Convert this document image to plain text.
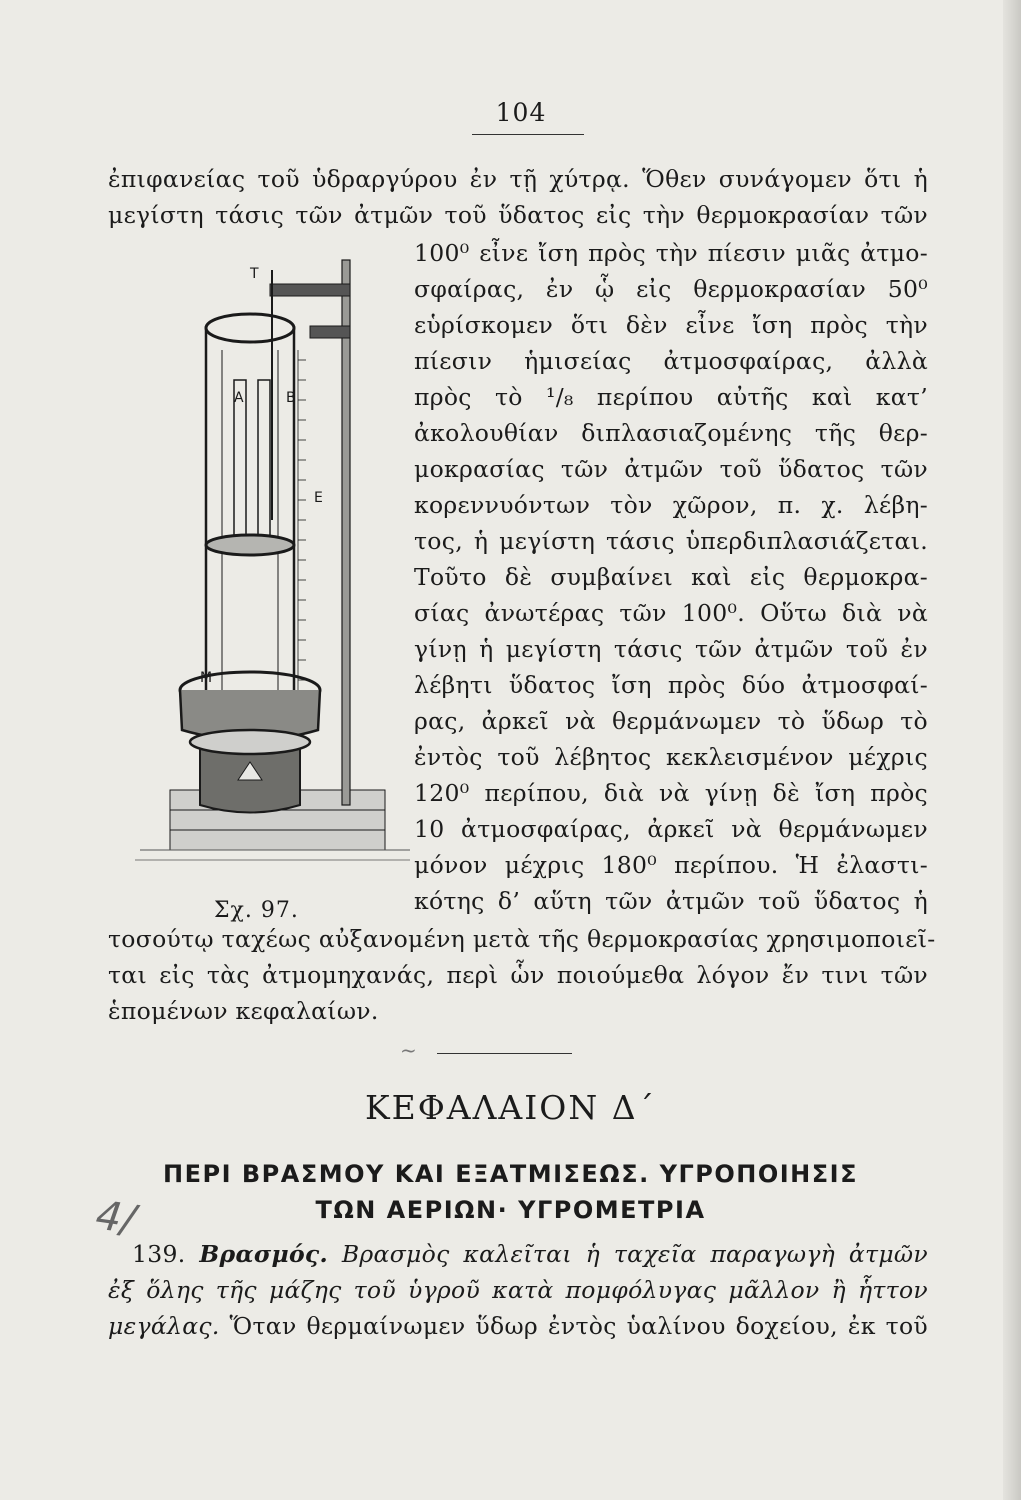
104
ἐπιφανείας τοῦ ὑδραργύρου ἐν τῇ χύτρᾳ. Ὅθεν συνάγομεν ὅτι ἡ
μεγίστη τάσις τῶν ἀτμῶν τοῦ ὕδατος εἰς τὴν θερμοκρασίαν τῶν
100⁰ εἶνε ἴση πρὸς τὴν πίεσιν μιᾶς ἀτμο-
σφαίρας, ἐν ᾧ εἰς θερμοκρασίαν 50⁰
εὑρίσκομεν ὅτι δὲν εἶνε ἴση πρὸς τὴν
πίεσιν ἡμισείας ἀτμοσφαίρας, ἀλλὰ
πρὸς τὸ ¹/₈ περίπου αὐτῆς καὶ κατ’
ἀκολουθίαν διπλασιαζομένης τῆς θερ-
μοκρασίας τῶν ἀτμῶν τοῦ ὕδατος τῶν
κορεννυόντων τὸν χῶρον, π. χ. λέβη-
τος, ἡ μεγίστη τάσις ὑπερδιπλασιάζεται.
Τοῦτο δὲ συμβαίνει καὶ εἰς θερμοκρα-
σίας ἀνωτέρας τῶν 100⁰. Οὕτω διὰ νὰ
γίνῃ ἡ μεγίστη τάσις τῶν ἀτμῶν τοῦ ἐν
λέβητι ὕδατος ἴση πρὸς δύο ἀτμοσφαί-
ρας, ἀρκεῖ νὰ θερμάνωμεν τὸ ὕδωρ τὸ
ἐντὸς τοῦ λέβητος κεκλεισμένον μέχρις
120⁰ περίπου, διὰ νὰ γίνῃ δὲ ἴση πρὸς
10 ἀτμοσφαίρας, ἀρκεῖ νὰ θερμάνωμεν
μόνον μέχρις 180⁰ περίπου. Ἡ ἐλαστι-
κότης δ’ αὕτη τῶν ἀτμῶν τοῦ ὕδατος ἡ
τοσούτῳ ταχέως αὐξανομένη μετὰ τῆς θερμοκρασίας χρησιμοποιεῖ-
ται εἰς τὰς ἀτμομηχανάς, περὶ ὧν ποιούμεθα λόγον ἔν τινι τῶν
ἑπομένων κεφαλαίων.
T
A	B
E
M
Σχ. 97.
~
ΚΕΦΑΛΑΙΟΝ Δ΄
ΠΕΡΙ ΒΡΑΣΜΟΥ ΚΑΙ ΕΞΑΤΜΙΣΕΩΣ. ΥΓΡΟΠΟΙΗΣΙΣ
ΤΩΝ ΑΕΡΙΩΝ· ΥΓΡΟΜΕΤΡΙΑ
4/
139. Βρασμός. Βρασμὸς καλεῖται ἡ ταχεῖα παραγωγὴ ἀτμῶν
ἐξ ὅλης τῆς μάζης τοῦ ὑγροῦ κατὰ πομφόλυγας μᾶλλον ἢ ἧττον
μεγάλας. Ὅταν θερμαίνωμεν ὕδωρ ἐντὸς ὑαλίνου δοχείου, ἐκ τοῦ
